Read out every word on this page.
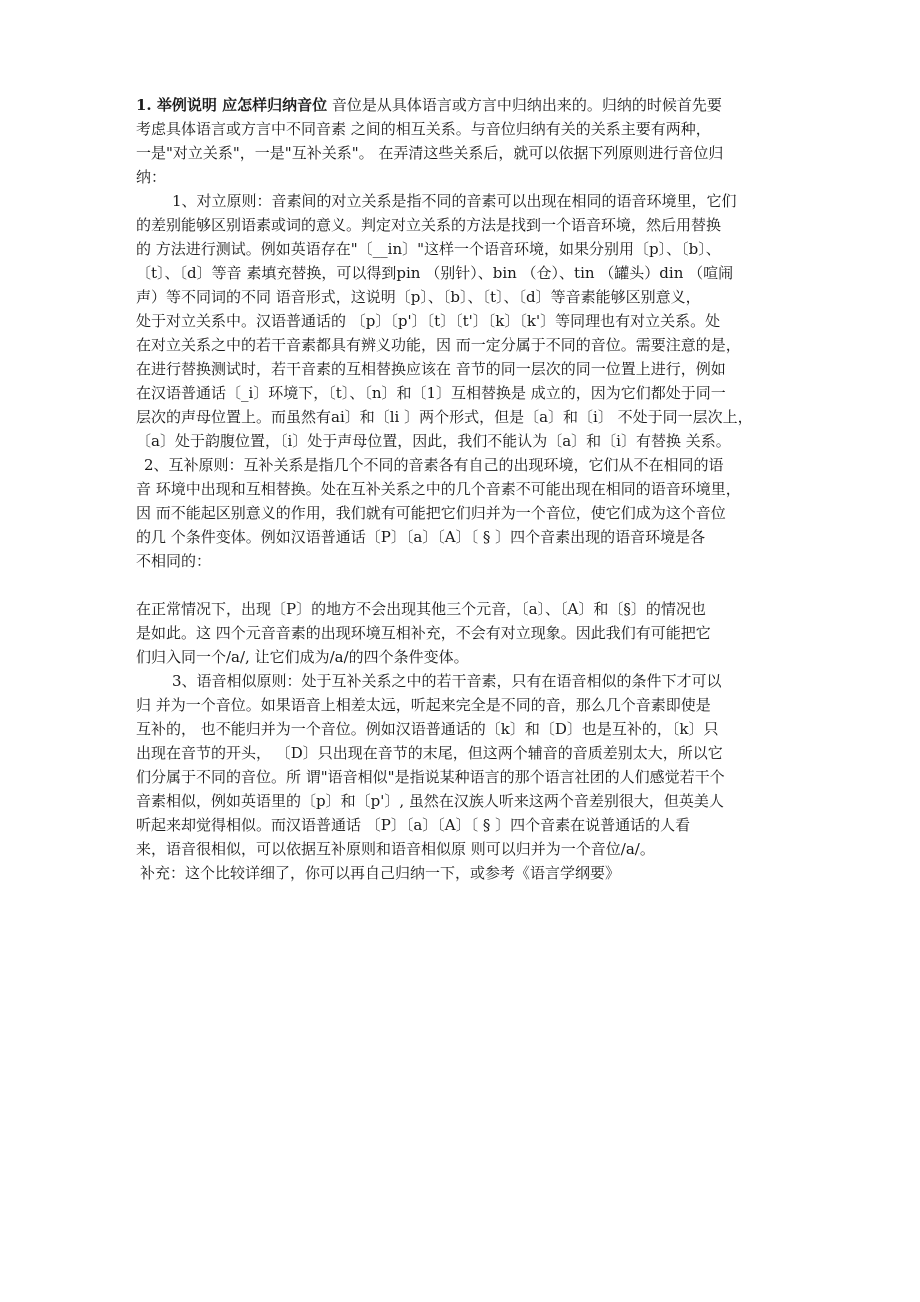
1. 举例说明 应怎样归纳音位 音位是从具体语言或方言中归纳出来的。归纳的时候首先要
考虑具体语言或方言中不同音素 之间的相互关系。与音位归纳有关的关系主要有两种，
一是"对立关系"，一是"互补关系"。 在弄清这些关系后，就可以依据下列原则进行音位归
纳：
1、对立原则：音素间的对立关系是指不同的音素可以出现在相同的语音环境里，它们
的差别能够区别语素或词的意义。判定对立关系的方法是找到一个语音环境，然后用替换
的 方法进行测试。例如英语存在"〔__in〕"这样一个语音环境，如果分别用〔p〕、〔b〕、
〔t〕、〔d〕等音 素填充替换，可以得到pin （别针）、bin （仓）、tin （罐头）din （喧闹
声）等不同词的不同 语音形式，这说明〔p〕、〔b〕、〔t〕、〔d〕等音素能够区别意义，
处于对立关系中。汉语普通话的 〔p〕〔p'〕〔t〕〔t'〕〔k〕〔k'〕等同理也有对立关系。处
在对立关系之中的若干音素都具有辨义功能，因 而一定分属于不同的音位。需要注意的是，
在进行替换测试时，若干音素的互相替换应该在 音节的同一层次的同一位置上进行，例如
在汉语普通话〔_i〕环境下，〔t〕、〔n〕和〔1〕互相替换是 成立的，因为它们都处于同一
层次的声母位置上。而虽然有ai〕和〔li 〕两个形式，但是〔a〕和〔i〕 不处于同一层次上，
〔a〕处于韵腹位置，〔i〕处于声母位置，因此，我们不能认为〔a〕和〔i〕有替换 关系。
2、互补原则：互补关系是指几个不同的音素各有自己的出现环境，它们从不在相同的语
音 环境中出现和互相替换。处在互补关系之中的几个音素不可能出现在相同的语音环境里，
因 而不能起区别意义的作用，我们就有可能把它们归并为一个音位，使它们成为这个音位
的几 个条件变体。例如汉语普通话〔P〕〔a〕〔A〕〔 § 〕四个音素出现的语音环境是各
不相同的：
在正常情况下，出现〔P〕的地方不会出现其他三个元音，〔a〕、〔A〕和〔§〕的情况也
是如此。这 四个元音音素的出现环境互相补充，不会有对立现象。因此我们有可能把它
们归入同一个/a/, 让它们成为/a/的四个条件变体。
3、语音相似原则：处于互补关系之中的若干音素，只有在语音相似的条件下才可以
归 并为一个音位。如果语音上相差太远，听起来完全是不同的音，那么几个音素即使是
互补的， 也不能归并为一个音位。例如汉语普通话的〔k〕和〔D〕也是互补的，〔k〕只
出现在音节的开头， 〔D〕只出现在音节的末尾，但这两个辅音的音质差别太大，所以它
们分属于不同的音位。所 谓"语音相似"是指说某种语言的那个语言社团的人们感觉若干个
音素相似，例如英语里的〔p〕和〔p'〕, 虽然在汉族人听来这两个音差别很大，但英美人
听起来却觉得相似。而汉语普通话 〔P〕〔a〕〔A〕〔 § 〕四个音素在说普通话的人看
来，语音很相似，可以依据互补原则和语音相似原 则可以归并为一个音位/a/。
补充：这个比较详细了，你可以再自己归纳一下，或参考《语言学纲要》
